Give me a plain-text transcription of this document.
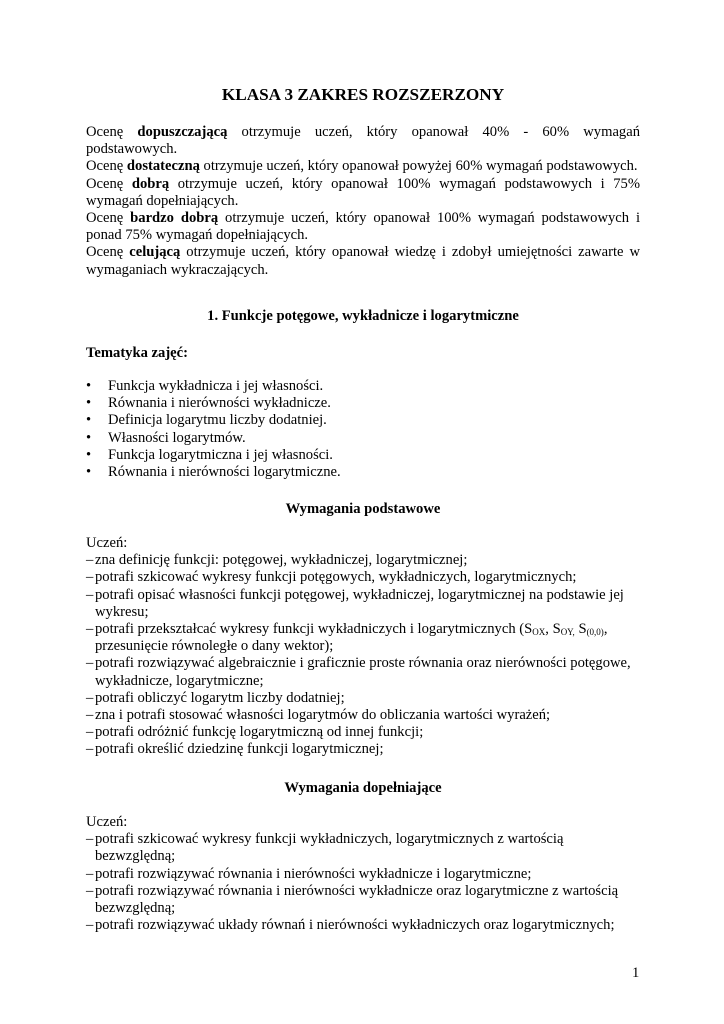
KLASA 3 ZAKRES ROZSZERZONY

Ocenę dopuszczającą otrzymuje uczeń, który opanował 40% - 60% wymagań podstawowych.

Ocenę dostateczną otrzymuje uczeń, który opanował powyżej 60% wymagań podstawowych.

Ocenę dobrą otrzymuje uczeń, który opanował 100% wymagań podstawowych i 75% wymagań dopełniających.

Ocenę bardzo dobrą otrzymuje uczeń, który opanował 100% wymagań podstawowych i ponad 75% wymagań dopełniających.

Ocenę celującą otrzymuje uczeń, który opanował wiedzę i zdobył umiejętności zawarte w wymaganiach wykraczających.

1. Funkcje potęgowe, wykładnicze i logarytmiczne
Tematyka zajęć:
• Funkcja wykładnicza i jej własności.
• Równania i nierówności wykładnicze.
• Definicja logarytmu liczby dodatniej.
• Własności logarytmów.
• Funkcja logarytmiczna i jej własności.
• Równania i nierówności logarytmiczne.
Wymagania podstawowe

Uczeń:

– zna definicję funkcji: potęgowej, wykładniczej, logarytmicznej;
– potrafi szkicować wykresy funkcji potęgowych, wykładniczych, logarytmicznych;
– potrafi opisać własności funkcji potęgowej, wykładniczej, logarytmicznej na podstawie jej wykresu;
– potrafi przekształcać wykresy funkcji wykładniczych i logarytmicznych ($S_{OX}$, $S_{OY,}$ $S_{(0,0)}$, przesunięcie równoległe o dany wektor);
– potrafi rozwiązywać algebraicznie i graficznie proste równania oraz nierówności potęgowe, wykładnicze, logarytmiczne;
– potrafi obliczyć logarytm liczby dodatniej;
– zna i potrafi stosować własności logarytmów do obliczania wartości wyrażeń;
– potrafi odróżnić funkcję logarytmiczną od innej funkcji;
– potrafi określić dziedzinę funkcji logarytmicznej;
Wymagania dopełniające

Uczeń:

– potrafi szkicować wykresy funkcji wykładniczych, logarytmicznych z wartością bezwzględną;
– potrafi rozwiązywać równania i nierówności wykładnicze i logarytmiczne;
– potrafi rozwiązywać równania i nierówności wykładnicze oraz logarytmiczne z wartością bezwzględną;
– potrafi rozwiązywać układy równań i nierówności wykładniczych oraz logarytmicznych;
1
